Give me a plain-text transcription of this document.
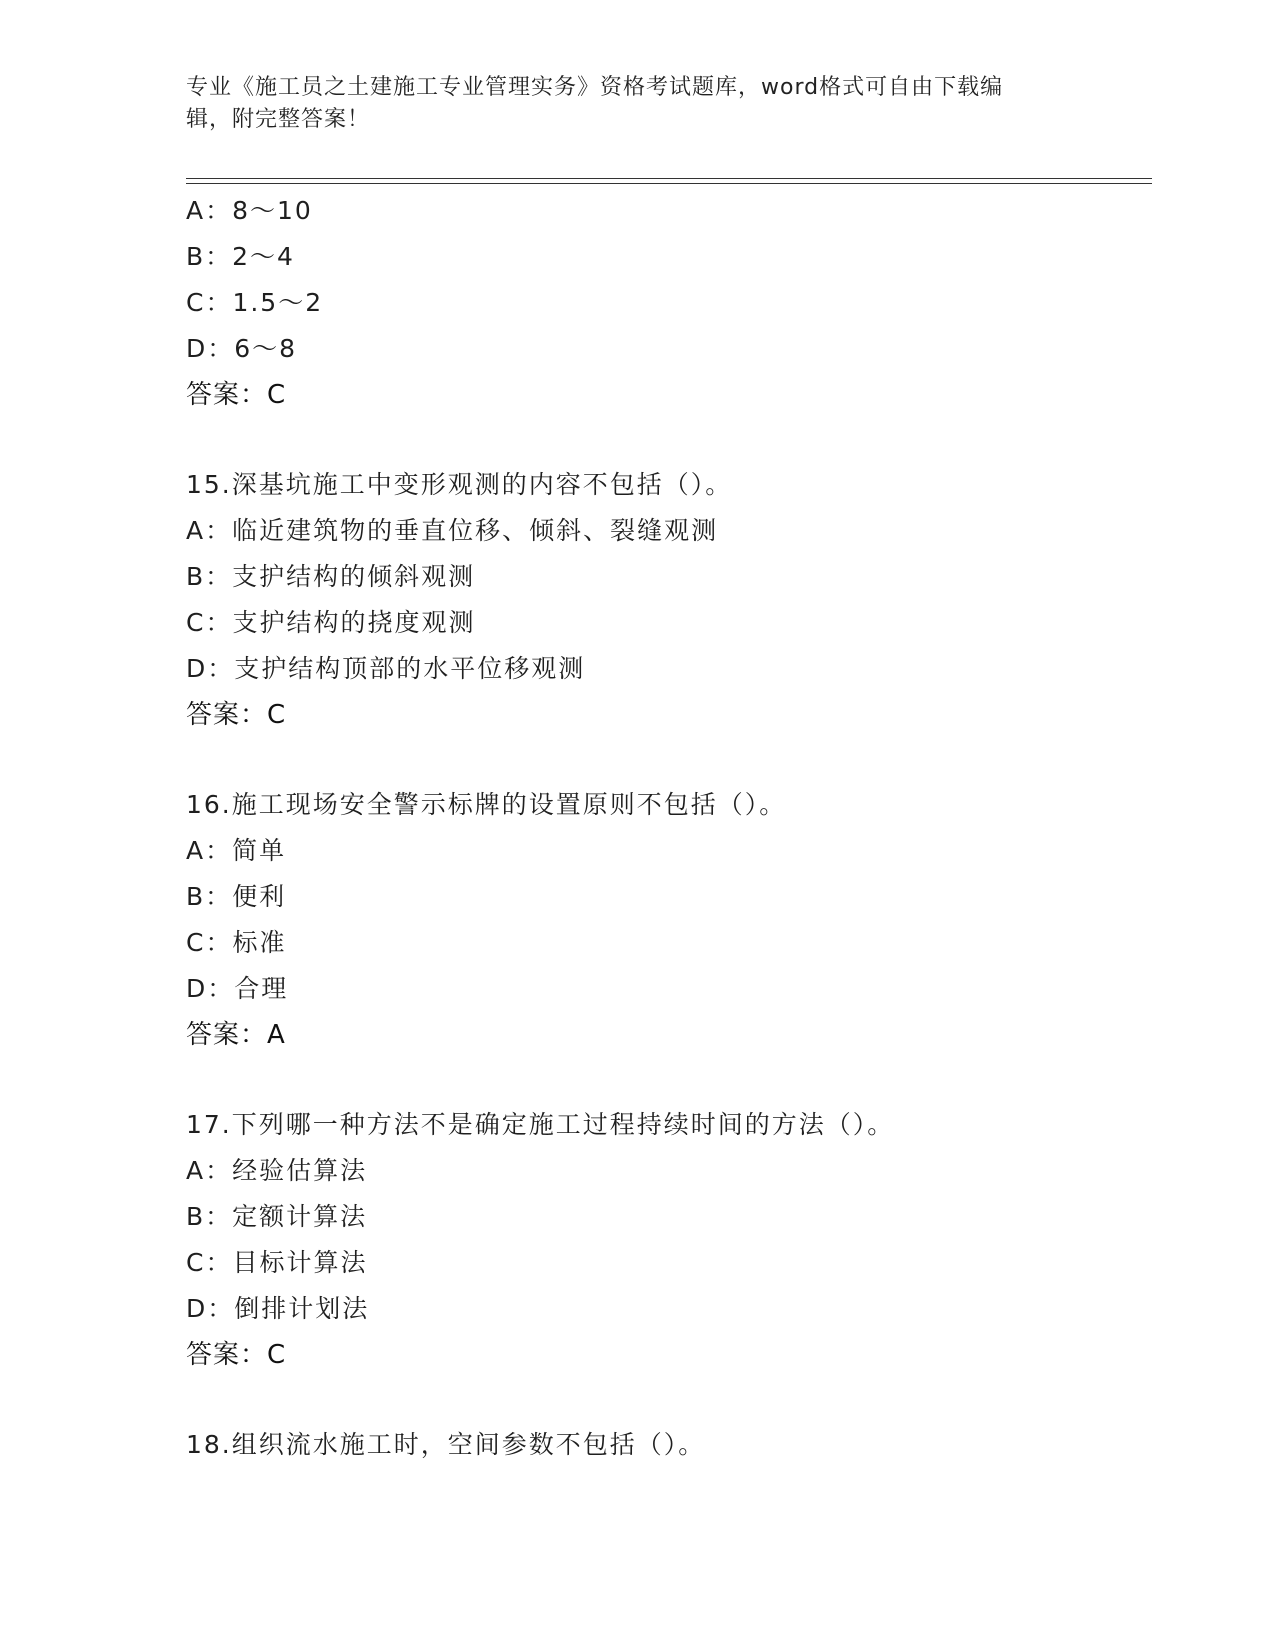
专业《施工员之土建施工专业管理实务》资格考试题库，word格式可自由下载编
辑，附完整答案！
A：8～10
B：2～4
C：1.5～2
D：6～8
答案：C
15.深基坑施工中变形观测的内容不包括（）。
A：临近建筑物的垂直位移、倾斜、裂缝观测
B：支护结构的倾斜观测
C：支护结构的挠度观测
D：支护结构顶部的水平位移观测
答案：C
16.施工现场安全警示标牌的设置原则不包括（）。
A：简单
B：便利
C：标准
D：合理
答案：A
17.下列哪一种方法不是确定施工过程持续时间的方法（）。
A：经验估算法
B：定额计算法
C：目标计算法
D：倒排计划法
答案：C
18.组织流水施工时，空间参数不包括（）。
